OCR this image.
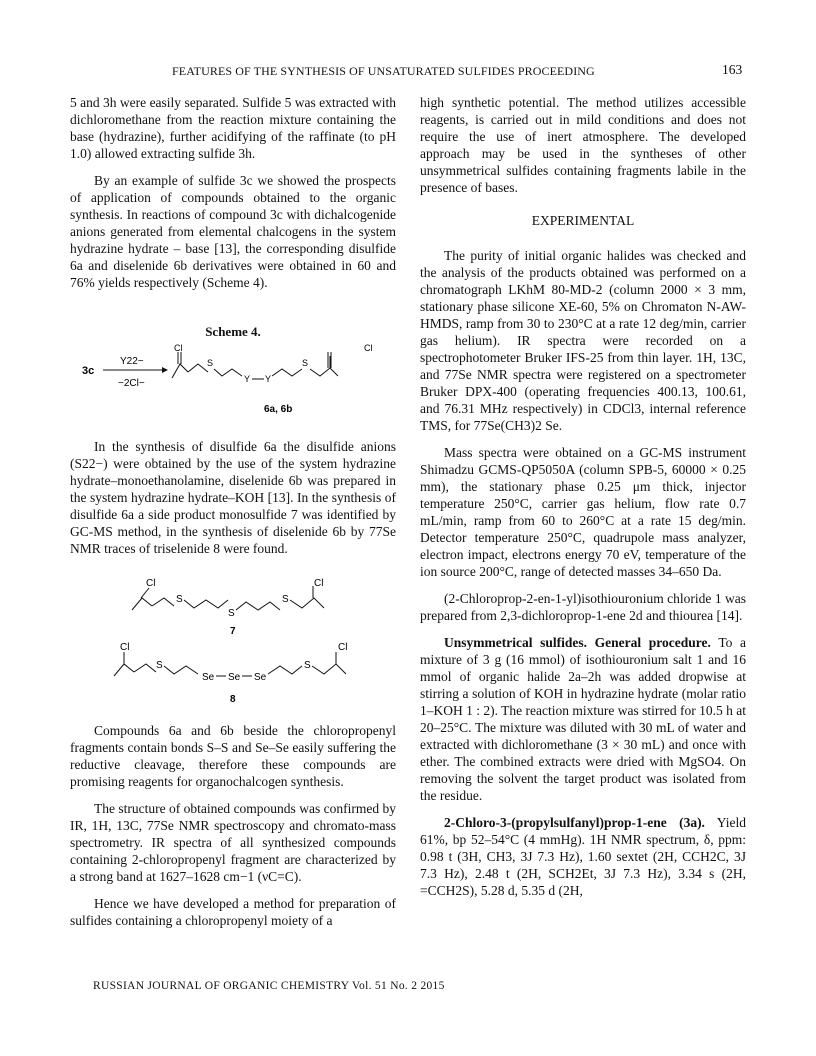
FEATURES OF THE SYNTHESIS OF UNSATURATED SULFIDES PROCEEDING	163

5 and 3h were easily separated. Sulfide 5 was extracted with dichloromethane from the reaction mixture containing the base (hydrazine), further acidifying of the raffinate (to pH 1.0) allowed extracting sulfide 3h.

By an example of sulfide 3c we showed the prospects of application of compounds obtained to the organic synthesis. In reactions of compound 3c with dichalcogenide anions generated from elemental chalcogens in the system hydrazine hydrate – base [13], the corresponding disulfide 6a and diselenide 6b derivatives were obtained in 60 and 76% yields respectively (Scheme 4).

Scheme 4.
3c
Y22−
−2Cl−
Cl
S
Y Y
S
Cl
6a, 6b

In the synthesis of disulfide 6a the disulfide anions (S22−) were obtained by the use of the system hydrazine hydrate–monoethanolamine, diselenide 6b was prepared in the system hydrazine hydrate–KOH [13]. In the synthesis of disulfide 6a a side product monosulfide 7 was identified by GC-MS method, in the synthesis of diselenide 6b by 77Se NMR traces of triselenide 8 were found.

Cl
S
S
S
Cl
7
Cl
S
Se Se Se
S
Cl
8

Compounds 6a and 6b beside the chloropropenyl fragments contain bonds S–S and Se–Se easily suffering the reductive cleavage, therefore these compounds are promising reagents for organochalcogen synthesis.

The structure of obtained compounds was confirmed by IR, 1H, 13C, 77Se NMR spectroscopy and chromato-mass spectrometry. IR spectra of all synthesized compounds containing 2-chloropropenyl fragment are characterized by a strong band at 1627–1628 cm−1 (νC=C).

Hence we have developed a method for preparation of sulfides containing a chloropropenyl moiety of a

high synthetic potential. The method utilizes accessible reagents, is carried out in mild conditions and does not require the use of inert atmosphere. The developed approach may be used in the syntheses of other unsymmetrical sulfides containing fragments labile in the presence of bases.

EXPERIMENTAL

The purity of initial organic halides was checked and the analysis of the products obtained was performed on a chromatograph LKhM 80-MD-2 (column 2000 × 3 mm, stationary phase silicone XE-60, 5% on Chromaton N-AW-HMDS, ramp from 30 to 230°C at a rate 12 deg/min, carrier gas helium). IR spectra were recorded on a spectrophotometer Bruker IFS-25 from thin layer. 1H, 13C, and 77Se NMR spectra were registered on a spectrometer Bruker DPX-400 (operating frequencies 400.13, 100.61, and 76.31 MHz respectively) in CDCl3, internal reference TMS, for 77Se(CH3)2 Se.

Mass spectra were obtained on a GC-MS instrument Shimadzu GCMS-QP5050A (column SPB-5, 60000 × 0.25 mm), the stationary phase 0.25 μm thick, injector temperature 250°C, carrier gas helium, flow rate 0.7 mL/min, ramp from 60 to 260°C at a rate 15 deg/min. Detector temperature 250°C, quadrupole mass analyzer, electron impact, electrons energy 70 eV, temperature of the ion source 200°C, range of detected masses 34–650 Da.

(2-Chloroprop-2-en-1-yl)isothiouronium chloride 1 was prepared from 2,3-dichloroprop-1-ene 2d and thiourea [14].

Unsymmetrical sulfides. General procedure. To a mixture of 3 g (16 mmol) of isothiouronium salt 1 and 16 mmol of organic halide 2a–2h was added dropwise at stirring a solution of KOH in hydrazine hydrate (molar ratio 1–KOH 1 : 2). The reaction mixture was stirred for 10.5 h at 20–25°C. The mixture was diluted with 30 mL of water and extracted with dichloromethane (3 × 30 mL) and once with ether. The combined extracts were dried with MgSO4. On removing the solvent the target product was isolated from the residue.

2-Chloro-3-(propylsulfanyl)prop-1-ene (3a). Yield 61%, bp 52–54°C (4 mmHg). 1H NMR spectrum, δ, ppm: 0.98 t (3H, CH3, 3J 7.3 Hz), 1.60 sextet (2H, CCH2C, 3J 7.3 Hz), 2.48 t (2H, SCH2Et, 3J 7.3 Hz), 3.34 s (2H, =CCH2S), 5.28 d, 5.35 d (2H,

RUSSIAN JOURNAL OF ORGANIC CHEMISTRY Vol. 51 No. 2 2015
